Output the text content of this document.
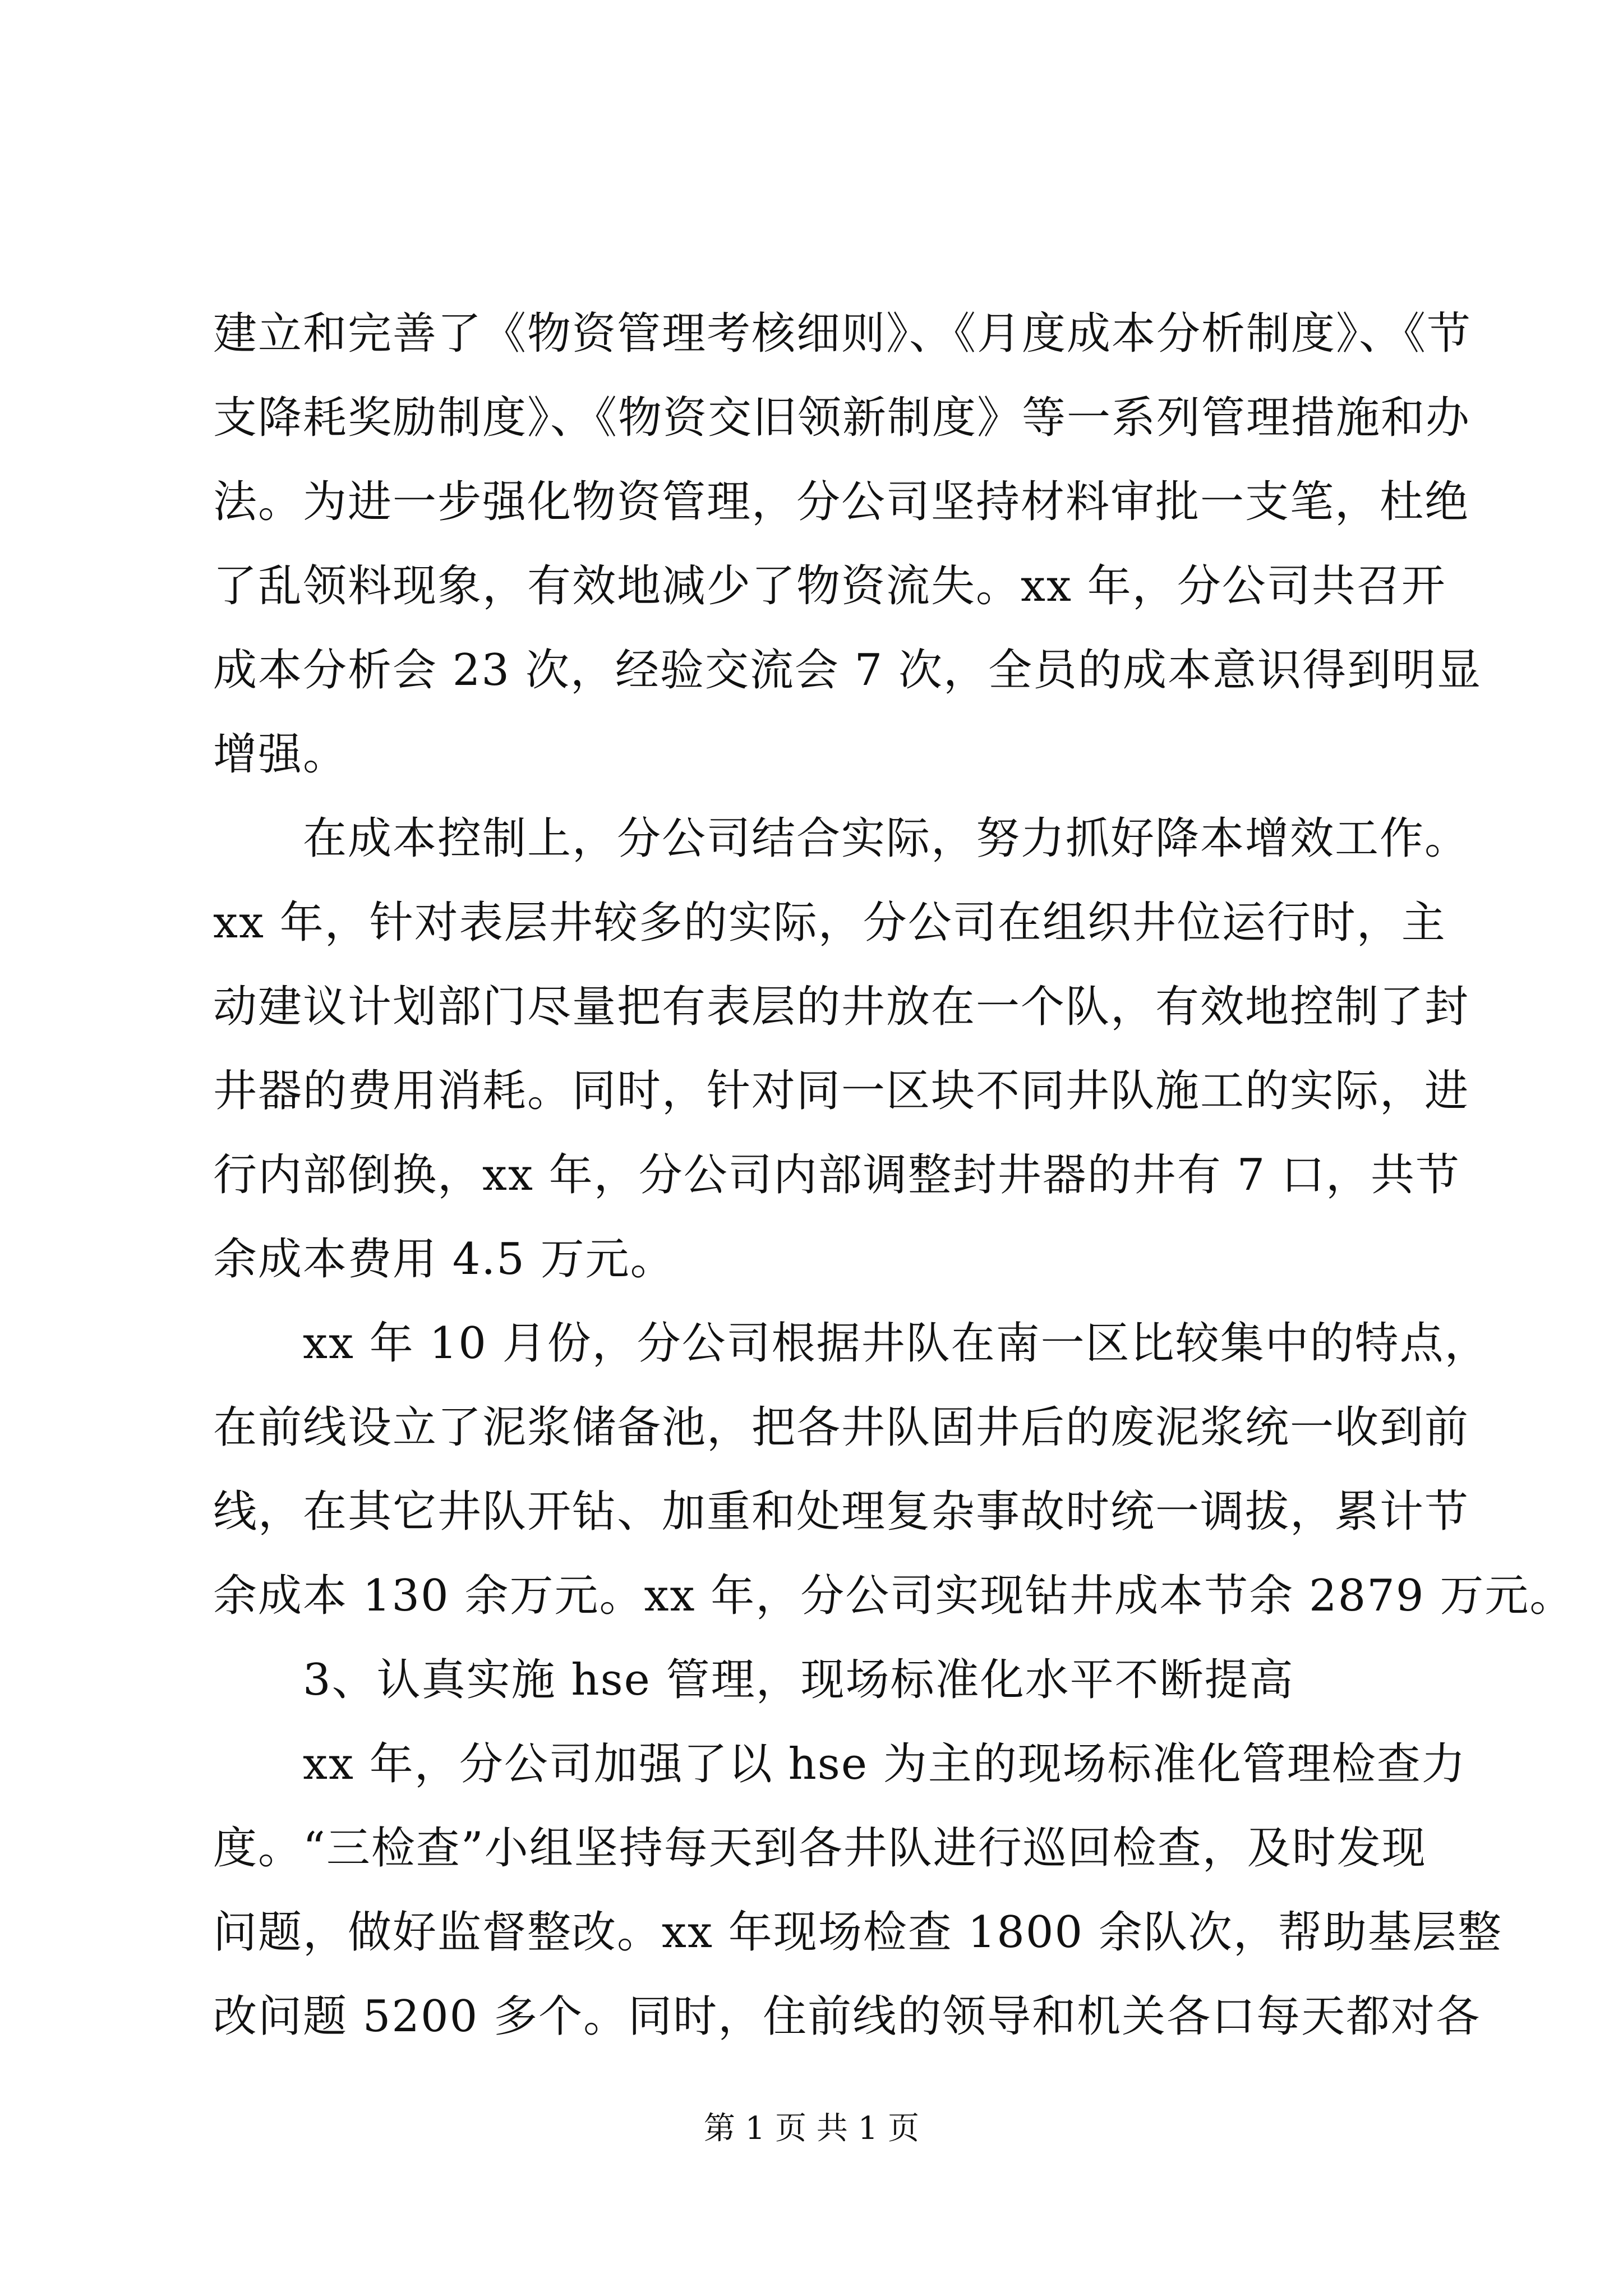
建立和完善了《物资管理考核细则》、《月度成本分析制度》、《节
支降耗奖励制度》、《物资交旧领新制度》等一系列管理措施和办
法。为进一步强化物资管理，分公司坚持材料审批一支笔，杜绝
了乱领料现象，有效地减少了物资流失。xx 年，分公司共召开
成本分析会 23 次，经验交流会 7 次，全员的成本意识得到明显
增强。
在成本控制上，分公司结合实际，努力抓好降本增效工作。
xx 年，针对表层井较多的实际，分公司在组织井位运行时，主
动建议计划部门尽量把有表层的井放在一个队，有效地控制了封
井器的费用消耗。同时，针对同一区块不同井队施工的实际，进
行内部倒换，xx 年，分公司内部调整封井器的井有 7 口，共节
余成本费用 4.5 万元。
xx 年 10 月份，分公司根据井队在南一区比较集中的特点，
在前线设立了泥浆储备池，把各井队固井后的废泥浆统一收到前
线，在其它井队开钻、加重和处理复杂事故时统一调拔，累计节
余成本 130 余万元。xx 年，分公司实现钻井成本节余 2879 万元。
3、认真实施 hse 管理，现场标准化水平不断提高
xx 年，分公司加强了以 hse 为主的现场标准化管理检查力
度。“三检查”小组坚持每天到各井队进行巡回检查，及时发现
问题，做好监督整改。xx 年现场检查 1800 余队次，帮助基层整
改问题 5200 多个。同时，住前线的领导和机关各口每天都对各
第 1 页 共 1 页
